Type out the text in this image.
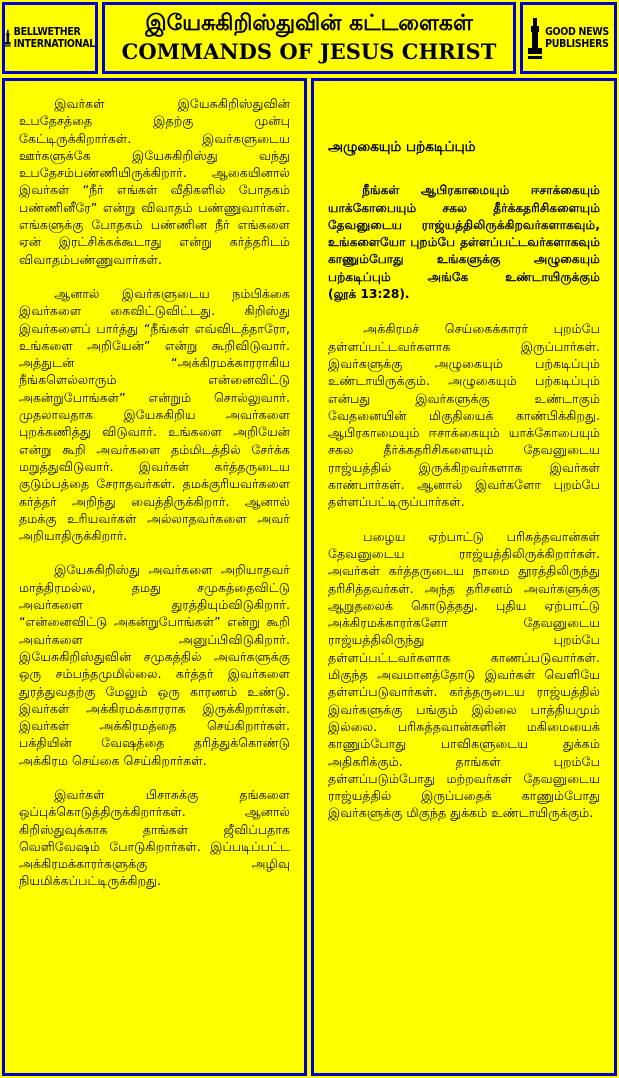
BELLWETHER
INTERNATIONAL
இயேசுகிறிஸ்துவின் கட்டளைகள்
COMMANDS OF JESUS CHRIST
GOOD NEWS
PUBLISHERS

இவர்கள் இயேசுகிறிஸ்துவின் உபதேசத்தை இதற்கு முன்பு கேட்டிருக்கிறார்கள். இவர்களுடைய ஊர்களுக்கே இயேசுகிறிஸ்து வந்து உபதேசம்பண்ணியிருக்கிறார். ஆகையினால் இவர்கள் “நீர் எங்கள் வீதிகளில் போதகம் பண்ணினீரே” என்று விவாதம் பண்ணுவார்கள். எங்களுக்கு போதகம் பண்ணின நீர் எங்களை ஏன் இரட்சிக்கக்கூடாது என்று கர்த்தரிடம் விவாதம்பண்ணுவார்கள்.

ஆனால் இவர்களுடைய நம்பிக்கை இவர்களை கைவிட்டுவிட்டது. கிறிஸ்து இவர்களைப் பார்த்து “நீங்கள் எவ்விடத்தாரோ, உங்களை அறியேன்” என்று கூறிவிடுவார். அத்துடன் “அக்கிரமக்காரராகிய நீங்களெல்லாரும் என்னைவிட்டு அகன்றுபோங்கள்” என்றும் சொல்லுவார். முதலாவதாக இயேசுகிறிய அவர்களை புறக்கணித்து விடுவார். உங்களை அறியேன் என்று கூறி அவர்களை தம்மிடத்தில் சேர்க்க மறுத்துவிடுவார். இவர்கள் கர்த்தருடைய குடும்பத்தை சேராதவர்கள். தமக்குரியவர்களை கர்த்தர் அறிந்து வைத்திருக்கிறார். ஆனால் தமக்கு உரியவர்கள் அல்லாதவர்களை அவர் அறியாதிருக்கிறார்.

இயேசுகிறிஸ்து அவர்களை அறியாதவர் மாத்திரமல்ல, தமது சமுகத்தைவிட்டு அவர்களை துரத்தியும்விடுகிறார். “என்னைவிட்டு அகன்றுபோங்கள்” என்று கூறி அவர்களை அனுப்பிவிடுகிறார். இயேசுகிறிஸ்துவின் சமுகத்தில் அவர்களுக்கு ஒரு சம்பந்தமுமில்லை. கர்த்தர் இவர்களை துரத்துவதற்கு மேலும் ஒரு காரணம் உண்டு. இவர்கள் அக்கிரமக்காரராக இருக்கிறார்கள். இவர்கள் அக்கிரமத்தை செய்கிறார்கள். பக்தியின் வேஷத்தை தரித்துக்கொண்டு அக்கிரம செய்கை செய்கிறார்கள்.

இவர்கள் பிசாசுக்கு தங்களை ஒப்புக்கொடுத்திருக்கிறார்கள். ஆனால் கிறிஸ்துவுக்காக தாங்கள் ஜீவிப்பதாக வெளிவேஷம் போடுகிறார்கள். இப்படிப்பட்ட அக்கிரமக்காரர்களுக்கு அழிவு நியமிக்கப்பட்டிருக்கிறது.

அழுகையும் பற்கடிப்பும்

நீங்கள் ஆபிரகாமையும் ஈசாக்கையும் யாக்கோபையும் சகல தீர்க்கதரிசிகளையும் தேவனுடைய ராஜ்யத்திலிருக்கிறவர்களாகவும், உங்களையோ புறம்பே தள்ளப்பட்டவர்களாகவும் காணும்போது உங்களுக்கு அழுகையும் பற்கடிப்பும் அங்கே உண்டாயிருக்கும் (லூக் 13:28).

அக்கிரமச் செய்கைக்காரர் புறம்பே தள்ளப்பட்டவர்களாக இருப்பார்கள். இவர்களுக்கு அழுகையும் பற்கடிப்பும் உண்டாயிருக்கும். அழுகையும் பற்கடிப்பும் என்பது இவர்களுக்கு உண்டாகும் வேதனையின் மிகுதியைக் காண்பிக்கிறது. ஆபிரகாமையும் ஈசாக்கையும் யாக்கோபையும் சகல தீர்க்கதரிசிகளையும் தேவனுடைய ராஜ்யத்தில் இருக்கிறவர்களாக இவர்கள் காண்பார்கள். ஆனால் இவர்களோ புறம்பே தள்ளப்பட்டிருப்பார்கள்.

பழைய ஏற்பாட்டு பரிசுத்தவான்கள் தேவனுடைய ராஜ்யத்திலிருக்கிறார்கள். அவர்கள் கர்த்தருடைய நாமை தூரத்திலிருந்து தரிசித்தவர்கள். அந்த தரிசனம் அவர்களுக்கு ஆறுதலைக் கொடுத்தது. புதிய ஏற்பாட்டு அக்கிரமக்காரர்களோ தேவனுடைய ராஜ்யத்திலிருந்து புறம்பே தள்ளப்பட்டவர்களாக காணப்படுவார்கள். மிகுந்த அவமானத்தோடு இவர்கள் வெளியே தள்ளப்படுவார்கள். கர்த்தருடைய ராஜ்யத்தில் இவர்களுக்கு பங்கும் இல்லை பாத்தியமும் இல்லை. பரிசுத்தவான்களின் மகிமையைக் காணும்போது பாவிகளுடைய துக்கம் அதிகரிக்கும். தாங்கள் புறம்பே தள்ளப்படும்போது மற்றவர்கள் தேவனுடைய ராஜ்யத்தில் இருப்பதைக் காணும்போது இவர்களுக்கு மிகுந்த துக்கம் உண்டாயிருக்கும்.
